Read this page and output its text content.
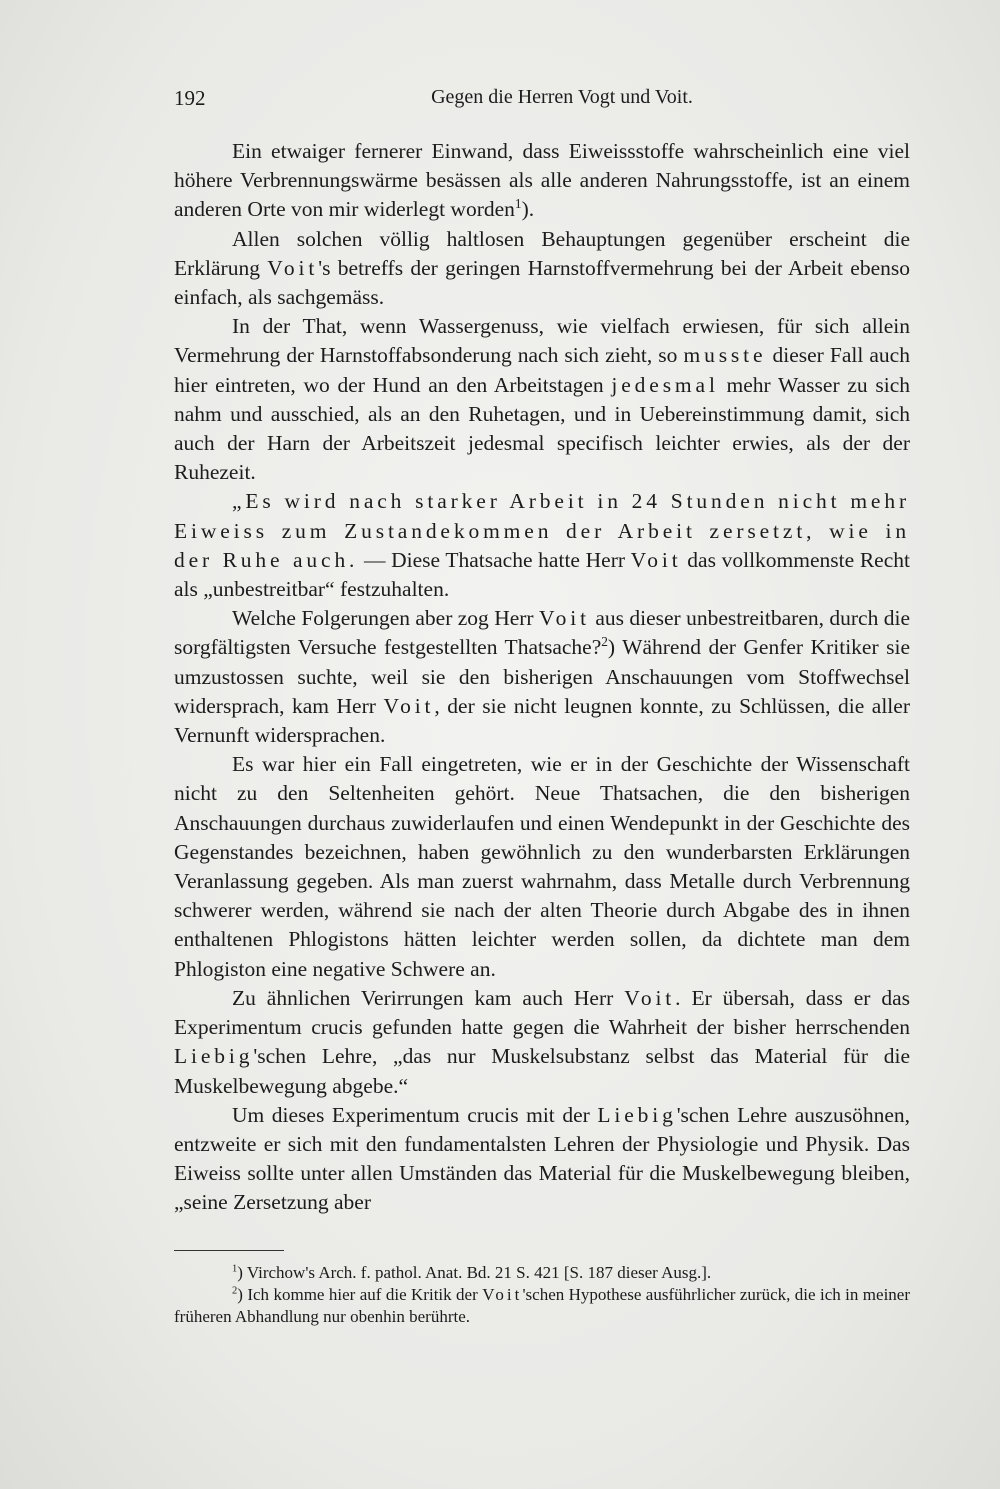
192	Gegen die Herren Vogt und Voit.

Ein etwaiger fernerer Einwand, dass Eiweissstoffe wahrscheinlich eine viel höhere Verbrennungswärme besässen als alle anderen Nahrungsstoffe, ist an einem anderen Orte von mir widerlegt worden$^1$).

Allen solchen völlig haltlosen Behauptungen gegenüber erscheint die Erklärung Voit's betreffs der geringen Harnstoffvermehrung bei der Arbeit ebenso einfach, als sachgemäss.

In der That, wenn Wassergenuss, wie vielfach erwiesen, für sich allein Vermehrung der Harnstoffabsonderung nach sich zieht, so musste dieser Fall auch hier eintreten, wo der Hund an den Arbeitstagen jedesmal mehr Wasser zu sich nahm und ausschied, als an den Ruhetagen, und in Uebereinstimmung damit, sich auch der Harn der Arbeitszeit jedesmal specifisch leichter erwies, als der der Ruhezeit.

„Es wird nach starker Arbeit in 24 Stunden nicht mehr Eiweiss zum Zustandekommen der Arbeit zersetzt, wie in der Ruhe auch. — Diese Thatsache hatte Herr Voit das vollkommenste Recht als „unbestreitbar“ festzuhalten.

Welche Folgerungen aber zog Herr Voit aus dieser unbestreitbaren, durch die sorgfältigsten Versuche festgestellten Thatsache?$^2$) Während der Genfer Kritiker sie umzustossen suchte, weil sie den bisherigen Anschauungen vom Stoffwechsel widersprach, kam Herr Voit, der sie nicht leugnen konnte, zu Schlüssen, die aller Vernunft widersprachen.

Es war hier ein Fall eingetreten, wie er in der Geschichte der Wissenschaft nicht zu den Seltenheiten gehört. Neue Thatsachen, die den bisherigen Anschauungen durchaus zuwiderlaufen und einen Wendepunkt in der Geschichte des Gegenstandes bezeichnen, haben gewöhnlich zu den wunderbarsten Erklärungen Veranlassung gegeben. Als man zuerst wahrnahm, dass Metalle durch Verbrennung schwerer werden, während sie nach der alten Theorie durch Abgabe des in ihnen enthaltenen Phlogistons hätten leichter werden sollen, da dichtete man dem Phlogiston eine negative Schwere an.

Zu ähnlichen Verirrungen kam auch Herr Voit. Er übersah, dass er das Experimentum crucis gefunden hatte gegen die Wahrheit der bisher herrschenden Liebig'schen Lehre, „das nur Muskelsubstanz selbst das Material für die Muskelbewegung abgebe.“

Um dieses Experimentum crucis mit der Liebig'schen Lehre auszusöhnen, entzweite er sich mit den fundamentalsten Lehren der Physiologie und Physik. Das Eiweiss sollte unter allen Umständen das Material für die Muskelbewegung bleiben, „seine Zersetzung aber

$^1$) Virchow's Arch. f. pathol. Anat. Bd. 21 S. 421 [S. 187 dieser Ausg.].

$^2$) Ich komme hier auf die Kritik der Voit'schen Hypothese ausführlicher zurück, die ich in meiner früheren Abhandlung nur obenhin berührte.
